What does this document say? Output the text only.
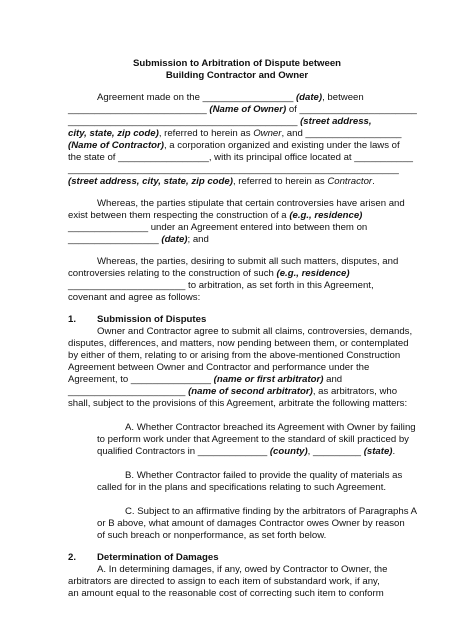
Submission to Arbitration of Dispute between
Building Contractor and Owner
Agreement made on the _________________ (date), between
__________________________ (Name of Owner) of ______________________
___________________________________________ (street address,
city, state, zip code), referred to herein as Owner, and __________________
(Name of Contractor), a corporation organized and existing under the laws of
the state of _________________, with its principal office located at ___________
______________________________________________________________
(street address, city, state, zip code), referred to herein as Contractor.
Whereas, the parties stipulate that certain controversies have arisen and
exist between them respecting the construction of a (e.g., residence)
_______________ under an Agreement entered into between them on
_________________ (date); and
Whereas, the parties, desiring to submit all such matters, disputes, and
controversies relating to the construction of such (e.g., residence)
______________________ to arbitration, as set forth in this Agreement,
covenant and agree as follows:
1. Submission of Disputes
Owner and Contractor agree to submit all claims, controversies, demands,
disputes, differences, and matters, now pending between them, or contemplated
by either of them, relating to or arising from the above-mentioned Construction
Agreement between Owner and Contractor and performance under the
Agreement, to _______________ (name or first arbitrator) and
______________________ (name of second arbitrator), as arbitrators, who
shall, subject to the provisions of this Agreement, arbitrate the following matters:
A. Whether Contractor breached its Agreement with Owner by failing
to perform work under that Agreement to the standard of skill practiced by
qualified Contractors in _____________ (county), _________ (state).
B. Whether Contractor failed to provide the quality of materials as
called for in the plans and specifications relating to such Agreement.
C. Subject to an affirmative finding by the arbitrators of Paragraphs A
or B above, what amount of damages Contractor owes Owner by reason
of such breach or nonperformance, as set forth below.
2. Determination of Damages
A. In determining damages, if any, owed by Contractor to Owner, the
arbitrators are directed to assign to each item of substandard work, if any,
an amount equal to the reasonable cost of correcting such item to conform
